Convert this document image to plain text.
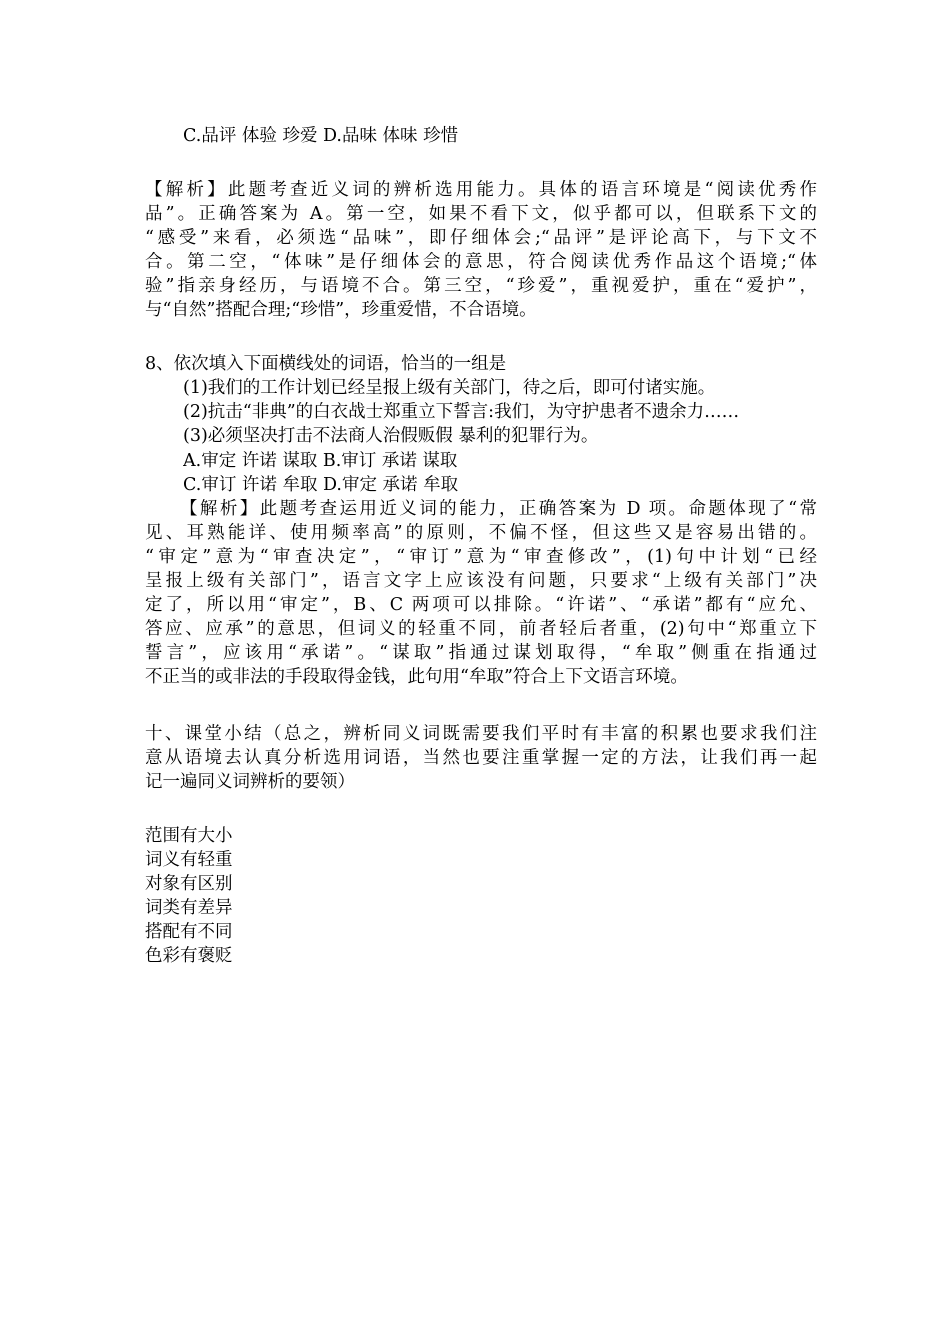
C.品评 体验 珍爱 D.品味 体味 珍惜
【解析】此题考查近义词的辨析选用能力。具体的语言环境是“阅读优秀作
品”。正确答案为 A。第一空，如果不看下文，似乎都可以，但联系下文的
“感受”来看，必须选“品味”，即仔细体会;“品评”是评论高下，与下文不
合。第二空，“体味”是仔细体会的意思，符合阅读优秀作品这个语境;“体
验”指亲身经历，与语境不合。第三空，“珍爱”，重视爱护，重在“爱护”，
与“自然”搭配合理;“珍惜”，珍重爱惜，不合语境。
8、依次填入下面横线处的词语，恰当的一组是
(1)我们的工作计划已经呈报上级有关部门，待之后，即可付诸实施。
(2)抗击“非典”的白衣战士郑重立下誓言:我们，为守护患者不遗余力……
(3)必须坚决打击不法商人治假贩假 暴利的犯罪行为。
A.审定 许诺 谋取 B.审订 承诺 谋取
C.审订 许诺 牟取 D.审定 承诺 牟取
【解析】此题考查运用近义词的能力，正确答案为 D 项。命题体现了“常
见、耳熟能详、使用频率高”的原则，不偏不怪，但这些又是容易出错的。
“审定”意为“审查决定”，“审订”意为“审查修改”，(1)句中计划“已经
呈报上级有关部门”，语言文字上应该没有问题，只要求“上级有关部门”决
定了，所以用“审定”，B、C 两项可以排除。“许诺”、“承诺”都有“应允、
答应、应承”的意思，但词义的轻重不同，前者轻后者重，(2)句中“郑重立下
誓言”，应该用“承诺”。“谋取”指通过谋划取得，“牟取”侧重在指通过
不正当的或非法的手段取得金钱，此句用“牟取”符合上下文语言环境。
十、课堂小结（总之，辨析同义词既需要我们平时有丰富的积累也要求我们注
意从语境去认真分析选用词语，当然也要注重掌握一定的方法，让我们再一起
记一遍同义词辨析的要领）
范围有大小
词义有轻重
对象有区别
词类有差异
搭配有不同
色彩有褒贬
